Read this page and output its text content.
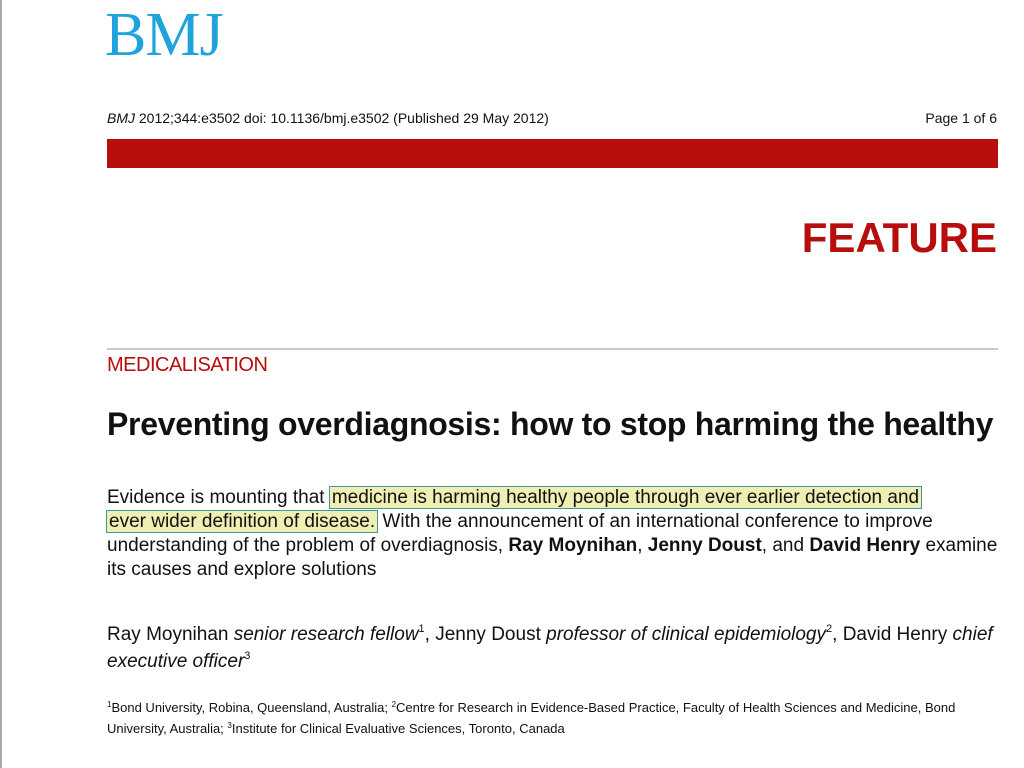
BMJ
BMJ 2012;344:e3502 doi: 10.1136/bmj.e3502 (Published 29 May 2012)	Page 1 of 6
FEATURE
MEDICALISATION
Preventing overdiagnosis: how to stop harming the healthy
Evidence is mounting that medicine is harming healthy people through ever earlier detection and
ever wider definition of disease. With the announcement of an international conference to improve understanding of the problem of overdiagnosis, Ray Moynihan, Jenny Doust, and David Henry examine its causes and explore solutions
Ray Moynihan senior research fellow$^1$, Jenny Doust professor of clinical epidemiology$^2$, David Henry chief executive officer$^3$
$^1$Bond University, Robina, Queensland, Australia; $^2$Centre for Research in Evidence-Based Practice, Faculty of Health Sciences and Medicine, Bond University, Australia; $^3$Institute for Clinical Evaluative Sciences, Toronto, Canada
